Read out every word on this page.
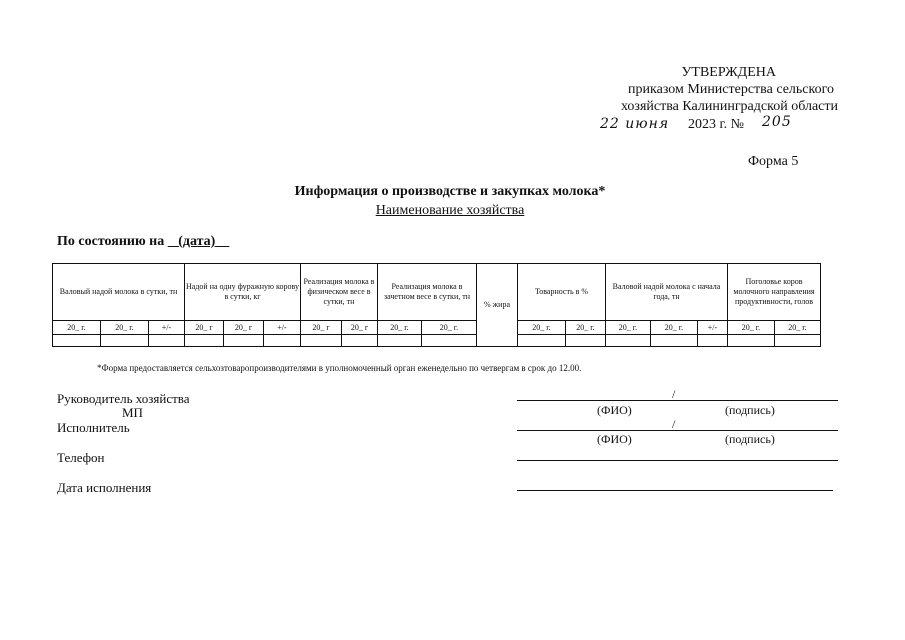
УТВЕРЖДЕНА
приказом Министерства сельского
хозяйства Калининградской области
22 июня 2023 г. № 205
Форма 5
Информация о производстве и закупках молока*
Наименование хозяйства
По состоянию на (дата)
Валовый надой молока в сутки, тн			Надой на одну фуражную корову в сутки, кг			Реализация молока в физическом весе в сутки, тн		Реализация молока в зачетном весе в сутки, тн		% жира	Товарность в %		Валовой надой молока с начала года, тн			Поголовье коров молочного направления продуктивности, голов	
20_ г.	20_ г.	+/-	20_ г	20_ г	+/-	20_ г	20_ г	20_ г.	20_ г.		20_ г.	20_ г.	20_ г.	20_ г.	+/-	20_ г.	20_ г.

*Форма предоставляется сельхозтоваропроизводителями в уполномоченный орган еженедельно по четвергам в срок до 12.00.
Руководитель хозяйства
МП
/
(ФИО)	(подпись)
Исполнитель	/
(ФИО)	(подпись)
Телефон
Дата исполнения
